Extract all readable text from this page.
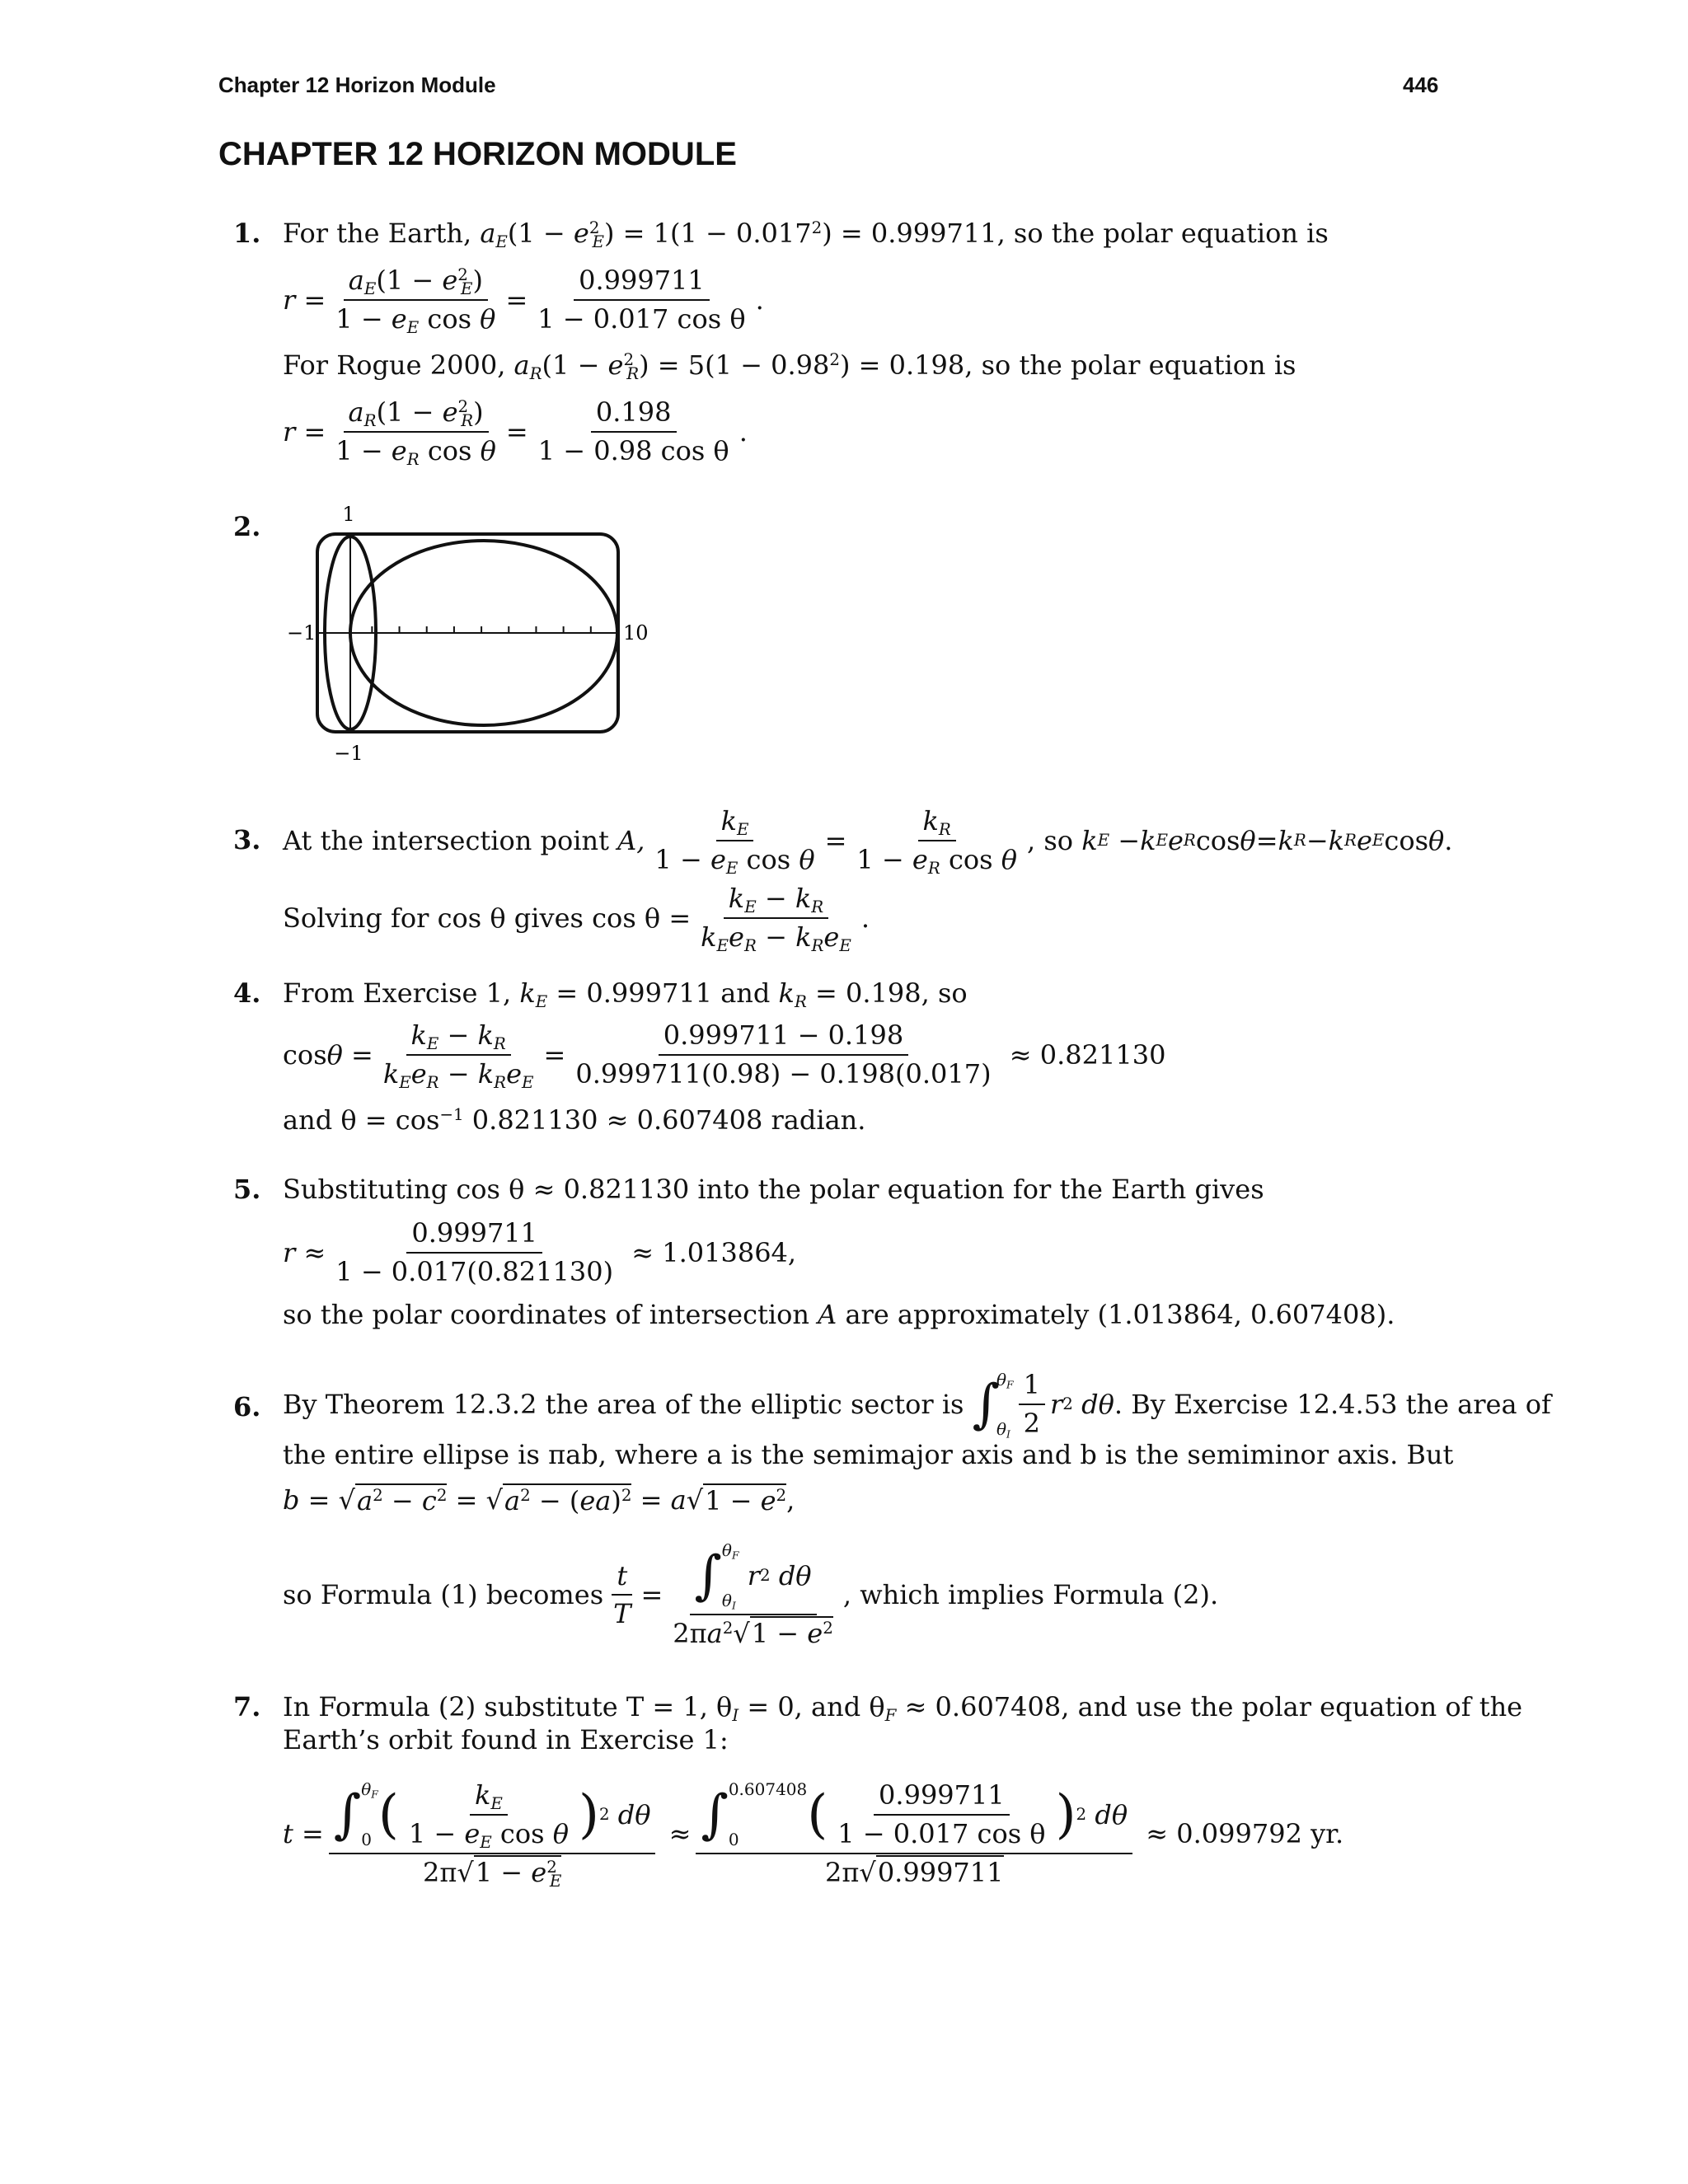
Chapter 12 Horizon Module	446
CHAPTER 12 HORIZON MODULE
1. For the Earth, $a_E(1 - e^2_E) = 1(1 - 0.017^2) = 0.999711$, so the polar equation is
$r = \frac{a_E(1 - e^2_E)}{1 - e_E \cos \theta} = \frac{0.999711}{\text{1 − 0.017 cos θ}}$ .
For Rogue 2000, $a_R(1 - e^2_R) = 5(1 - 0.98^2) = 0.198$, so the polar equation is
$r = \frac{a_R(1 - e^2_R)}{1 - e_R \cos \theta} = \frac{0.198}{\text{1 − 0.98 cos θ}}$ .
2.	1
−1
−1	10
3. At the intersection point
A, $\frac{k_E}{1 - e_E \cos \theta} = \frac{k_R}{1 - e_R \cos \theta}$ , so
k E − k E e R cos θ = k R − k R e E cos θ .
Solving for cos θ gives $\cos \theta = \frac{k_E - k_R}{k_Ee_R - k_Re_E}$ .
4. From Exercise 1, $k_E = 0.999711$ and $k_R = 0.198$, so
$\cos \theta = \frac{k_E - k_R}{k_Ee_R - k_Re_E} = \frac{0.999711 - 0.198}{0.999711(0.98) - 0.198(0.017)}$
≈ 0.821130
and $\theta = \cos^{-1} 0.821130 \approx 0.607408$ radian.
5. Substituting cos θ ≈ 0.821130 into the polar equation for the Earth gives
$r \approx \frac{0.999711}{1 - 0.017(0.821130)}$
≈ 1.013864,
so the polar coordinates of intersection A are approximately (1.013864, 0.607408).
6. By Theorem 12.3.2 the area of the elliptic sector is
∫
$\theta_F$
$\theta_I \frac{1}{2}$ r 2
dθ . By Exercise 12.4.53 the area of
the entire ellipse is πab, where a is the semimajor axis and b is the semiminor axis. But
b = √ $a^2 - c^2$ = √ $a^2 - (ea)^2 = a$ √ $1 - e^2$ ,
so Formula (1) becomes $\frac{t}{T}$ = ∫ $\theta_F$
$\theta_I$

r 2
dθ
$2\pi a^2√1 - e^2$ , which implies Formula (2).
7. In Formula (2) substitute T = 1, $\theta_I = 0$, and $\theta_F \approx 0.607408$, and use the polar equation of the
Earth’s orbit found in Exercise 1:
t = ∫ $\theta_F$
0 ( $\frac{k_E}{1 - e_E \cos \theta}$ ) 2
dθ
$2\pi√1 - e^2_E$
≈ ∫ 0.607408
0	( $\frac{0.999711}{\text{1 − 0.017 cos θ}}$ ) 2
dθ
2π√0.999711

≈ 0.099792 yr.
